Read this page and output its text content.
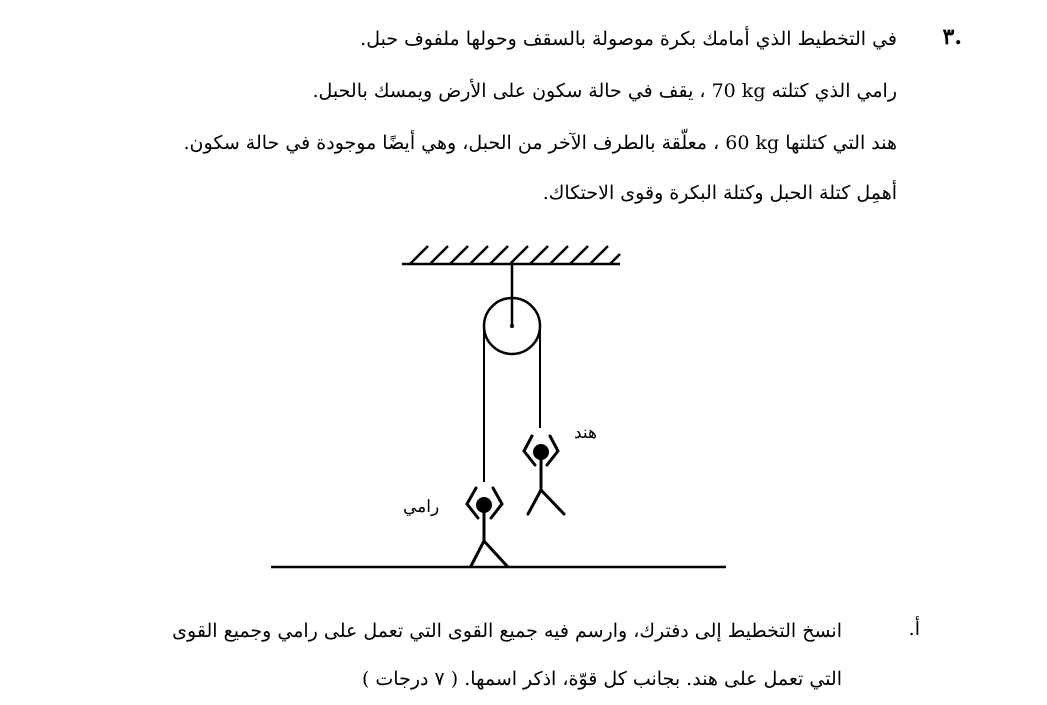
.٣
في التخطيط الذي أمامك بكرة موصولة بالسقف وحولها ملفوف حبل.
رامي الذي كتلته 70 kg ، يقف في حالة سكون على الأرض ويمسك بالحبل.
هند التي كتلتها 60 kg ، معلّقة بالطرف الآخر من الحبل، وهي أيضًا موجودة في حالة سكون.
أهمِل كتلة الحبل وكتلة البكرة وقوى الاحتكاك.
هند
رامي
أ.
انسخ التخطيط إلى دفترك، وارسم فيه جميع القوى التي تعمل على رامي وجميع القوى
التي تعمل على هند. بجانب كل قوّة، اذكر اسمها. ( ٧ درجات )
